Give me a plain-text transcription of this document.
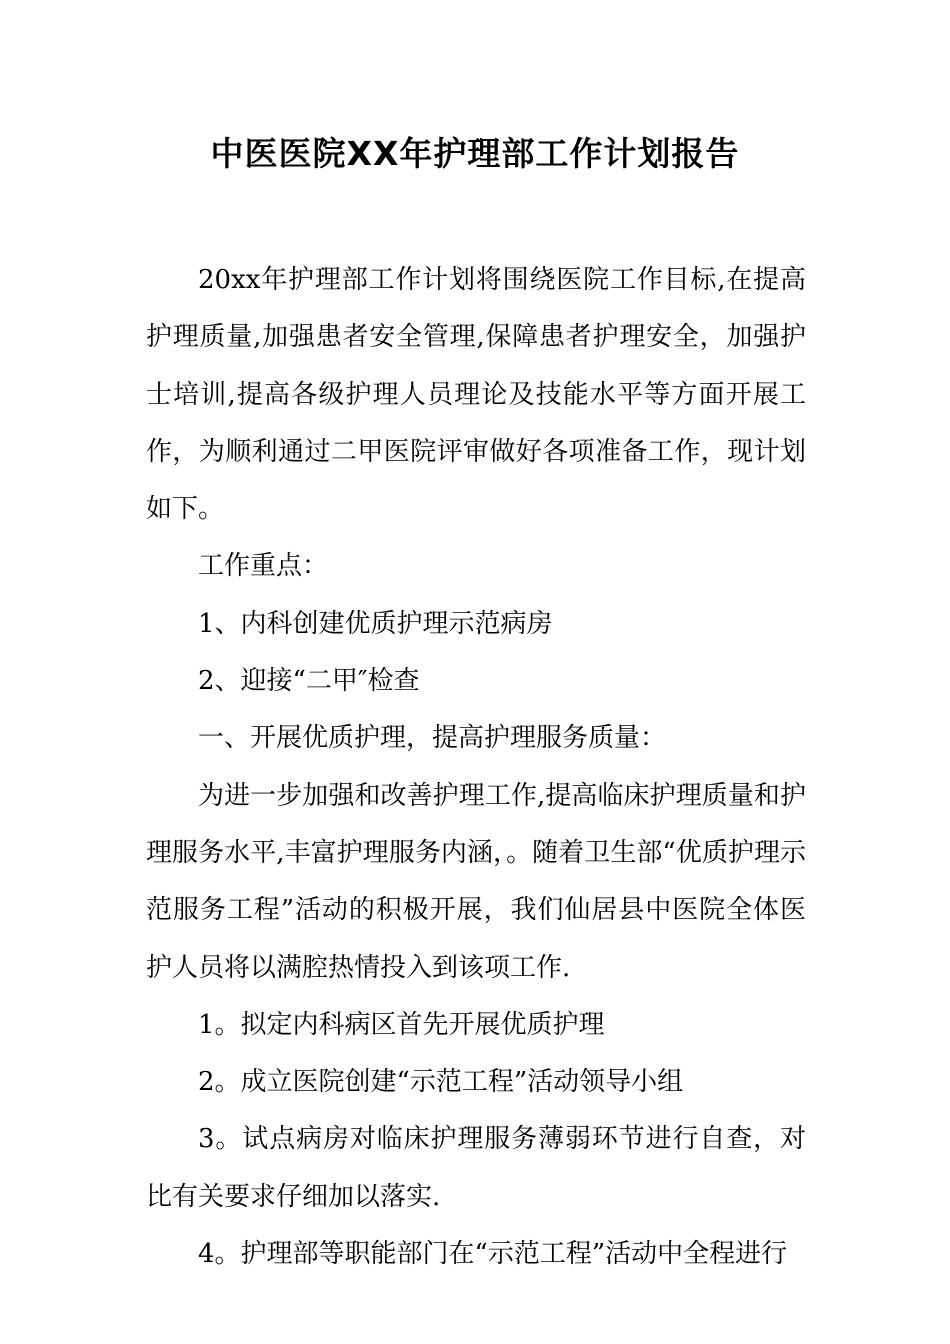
中医医院XX年护理部工作计划报告

20xx年护理部工作计划将围绕医院工作目标,在提高护理质量,加强患者安全管理,保障患者护理安全，加强护士培训,提高各级护理人员理论及技能水平等方面开展工作，为顺利通过二甲医院评审做好各项准备工作，现计划如下。

工作重点：

1、内科创建优质护理示范病房

2、迎接“二甲″检查

一、开展优质护理，提高护理服务质量：

为进一步加强和改善护理工作,提高临床护理质量和护理服务水平,丰富护理服务内涵，。随着卫生部“优质护理示范服务工程”活动的积极开展，我们仙居县中医院全体医护人员将以满腔热情投入到该项工作.

1。拟定内科病区首先开展优质护理

2。成立医院创建“示范工程”活动领导小组

3。试点病房对临床护理服务薄弱环节进行自查，对比有关要求仔细加以落实.

4。护理部等职能部门在“示范工程”活动中全程进行
